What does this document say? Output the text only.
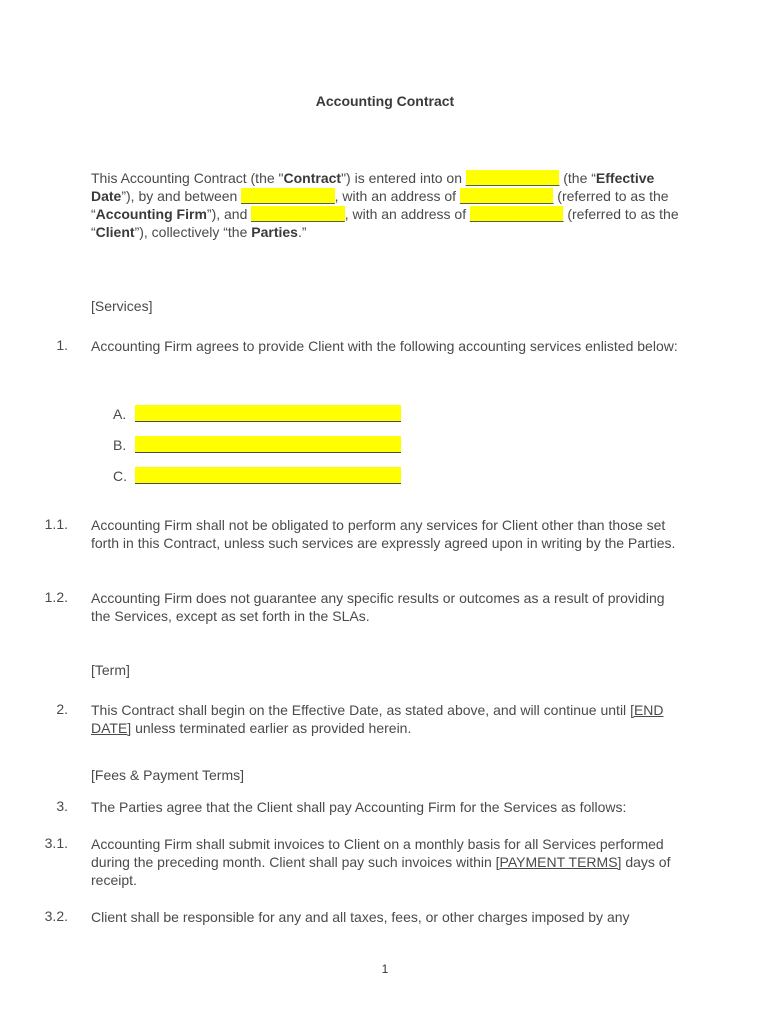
Accounting Contract
This Accounting Contract (the "Contract") is entered into on ____________ (the “Effective Date”), by and between ____________, with an address of ____________ (referred to as the “Accounting Firm”), and ____________, with an address of ____________ (referred to as the “Client”), collectively “the Parties.”
[Services]
1. Accounting Firm agrees to provide Client with the following accounting services enlisted below:
A.
B.
C.
1.1. Accounting Firm shall not be obligated to perform any services for Client other than those set forth in this Contract, unless such services are expressly agreed upon in writing by the Parties.
1.2. Accounting Firm does not guarantee any specific results or outcomes as a result of providing the Services, except as set forth in the SLAs.
[Term]
2. This Contract shall begin on the Effective Date, as stated above, and will continue until [END DATE] unless terminated earlier as provided herein.
[Fees & Payment Terms]
3. The Parties agree that the Client shall pay Accounting Firm for the Services as follows:
3.1. Accounting Firm shall submit invoices to Client on a monthly basis for all Services performed during the preceding month. Client shall pay such invoices within [PAYMENT TERMS] days of receipt.
3.2. Client shall be responsible for any and all taxes, fees, or other charges imposed by any
1
